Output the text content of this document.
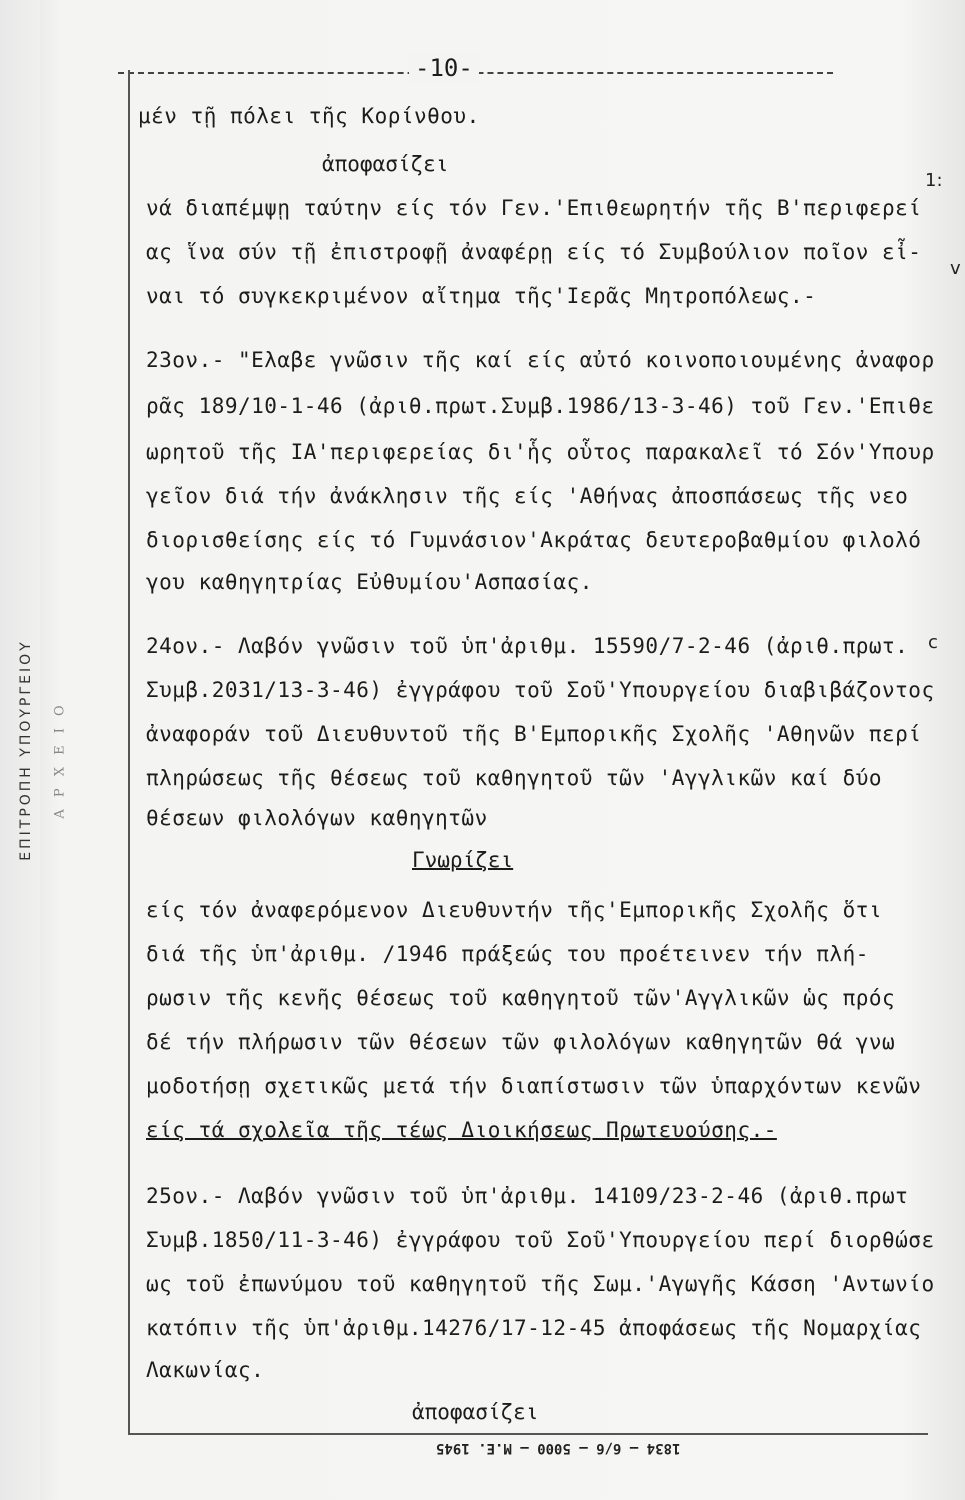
ΕΠΙΤΡΟΠΗ ΥΠΟΥΡΓΕΙΟΥ Α Ρ Χ Ε Ι Ο
-10-
1:
v
c
μέν τῇ πόλει τῆς Κορίνθου.
ἀποφασίζει
νά διαπέμψῃ ταύτην είς τόν Γεν.'Επιθεωρητήν τῆς Β'περιφερεί
ας ἵνα σύν τῇ ἐπιστροφῇ ἀναφέρῃ είς τό Συμβούλιον ποῖον εἶ-
ναι τό συγκεκριμένον αἴτημα τῆς'Ιερᾶς Μητροπόλεως.-
23ον.- "Ελαβε γνῶσιν τῆς καί είς αὐτό κοινοποιουμένης ἀναφορ
ρᾶς 189/10-1-46 (ἀριθ.πρωτ.Συμβ.1986/13-3-46) τοῦ Γεν.'Επιθε
ωρητοῦ τῆς ΙΑ'περιφερείας δι'ἧς οὗτος παρακαλεῖ τό Σόν'Υπουρ
γεῖον διά τήν ἀνάκλησιν τῆς είς 'Αθήνας ἀποσπάσεως τῆς νεο
διορισθείσης είς τό Γυμνάσιον'Ακράτας δευτεροβαθμίου φιλολό
γου καθηγητρίας Εὐθυμίου'Ασπασίας.
24ον.- Λαβόν γνῶσιν τοῦ ὑπ'ἀριθμ. 15590/7-2-46 (ἀριθ.πρωτ.
Συμβ.2031/13-3-46) ἐγγράφου τοῦ Σοῦ'Υπουργείου διαβιβάζοντος
ἀναφοράν τοῦ Διευθυντοῦ τῆς Β'Εμπορικῆς Σχολῆς 'Αθηνῶν περί
πληρώσεως τῆς θέσεως τοῦ καθηγητοῦ τῶν 'Αγγλικῶν καί δύο
θέσεων φιλολόγων καθηγητῶν
Γνωρίζει
είς τόν ἀναφερόμενον Διευθυντήν τῆς'Εμπορικῆς Σχολῆς ὅτι
διά τῆς ὑπ'ἀριθμ. /1946 πράξεώς του προέτεινεν τήν πλή-
ρωσιν τῆς κενῆς θέσεως τοῦ καθηγητοῦ τῶν'Αγγλικῶν ὡς πρός
δέ τήν πλήρωσιν τῶν θέσεων τῶν φιλολόγων καθηγητῶν θά γνω
μοδοτήσῃ σχετικῶς μετά τήν διαπίστωσιν τῶν ὑπαρχόντων κενῶν
είς τά σχολεῖα τῆς τέως Διοικήσεως Πρωτευούσης.-
25ον.- Λαβόν γνῶσιν τοῦ ὑπ'ἀριθμ. 14109/23-2-46 (ἀριθ.πρωτ
Συμβ.1850/11-3-46) ἐγγράφου τοῦ Σοῦ'Υπουργείου περί διορθώσε
ως τοῦ ἐπωνύμου τοῦ καθηγητοῦ τῆς Σωμ.'Αγωγῆς Κάσση 'Αντωνίο
κατόπιν τῆς ὑπ'ἀριθμ.14276/17-12-45 ἀποφάσεως τῆς Νομαρχίας
Λακωνίας.
ἀποφασίζει
1834 — 6/6 — 5000 — Μ.Ε. 1945
